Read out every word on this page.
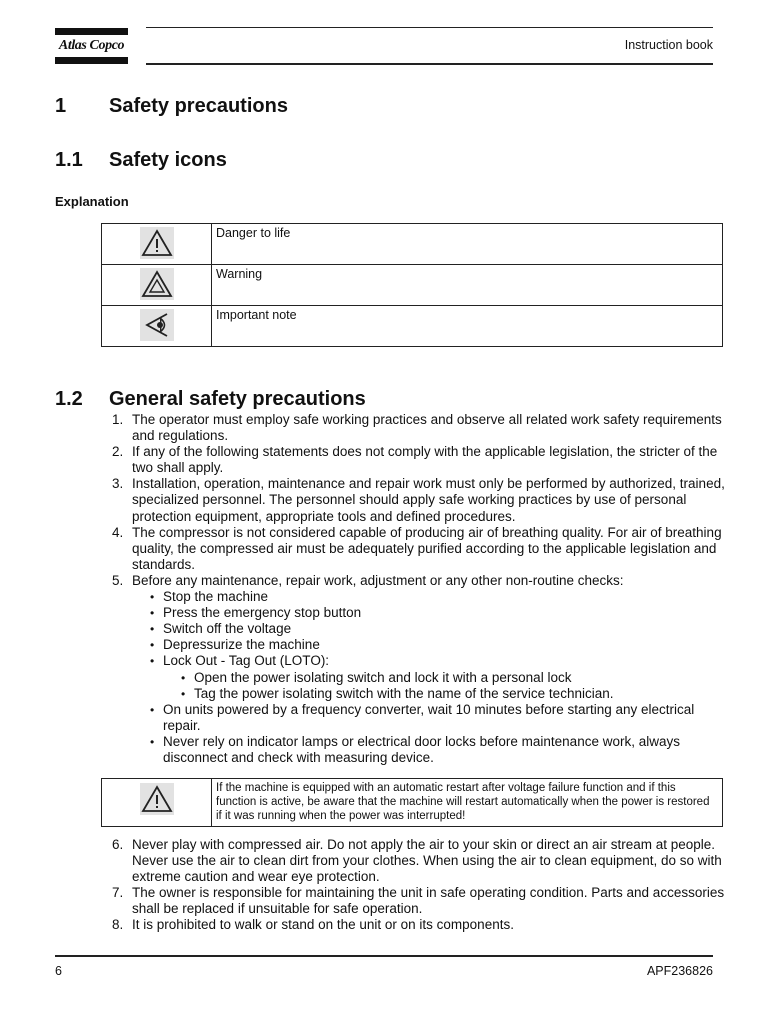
Atlas Copco	Instruction book
1 Safety precautions
1.1 Safety icons
Explanation
	Danger to life
	Warning
	Important note
1.2 General safety precautions
1. The operator must employ safe working practices and observe all related work safety requirements and regulations.
2. If any of the following statements does not comply with the applicable legislation, the stricter of the two shall apply.
3. Installation, operation, maintenance and repair work must only be performed by authorized, trained, specialized personnel. The personnel should apply safe working practices by use of personal protection equipment, appropriate tools and defined procedures.
4. The compressor is not considered capable of producing air of breathing quality. For air of breathing quality, the compressed air must be adequately purified according to the applicable legislation and standards.
5. Before any maintenance, repair work, adjustment or any other non-routine checks:
• Stop the machine
• Press the emergency stop button
• Switch off the voltage
• Depressurize the machine
• Lock Out - Tag Out (LOTO):
• Open the power isolating switch and lock it with a personal lock
• Tag the power isolating switch with the name of the service technician.
• On units powered by a frequency converter, wait 10 minutes before starting any electrical repair.
• Never rely on indicator lamps or electrical door locks before maintenance work, always disconnect and check with measuring device.
	If the machine is equipped with an automatic restart after voltage failure function and if this function is active, be aware that the machine will restart automatically when the power is restored if it was running when the power was interrupted!
6. Never play with compressed air. Do not apply the air to your skin or direct an air stream at people. Never use the air to clean dirt from your clothes. When using the air to clean equipment, do so with extreme caution and wear eye protection.
7. The owner is responsible for maintaining the unit in safe operating condition. Parts and accessories shall be replaced if unsuitable for safe operation.
8. It is prohibited to walk or stand on the unit or on its components.
6	APF236826
